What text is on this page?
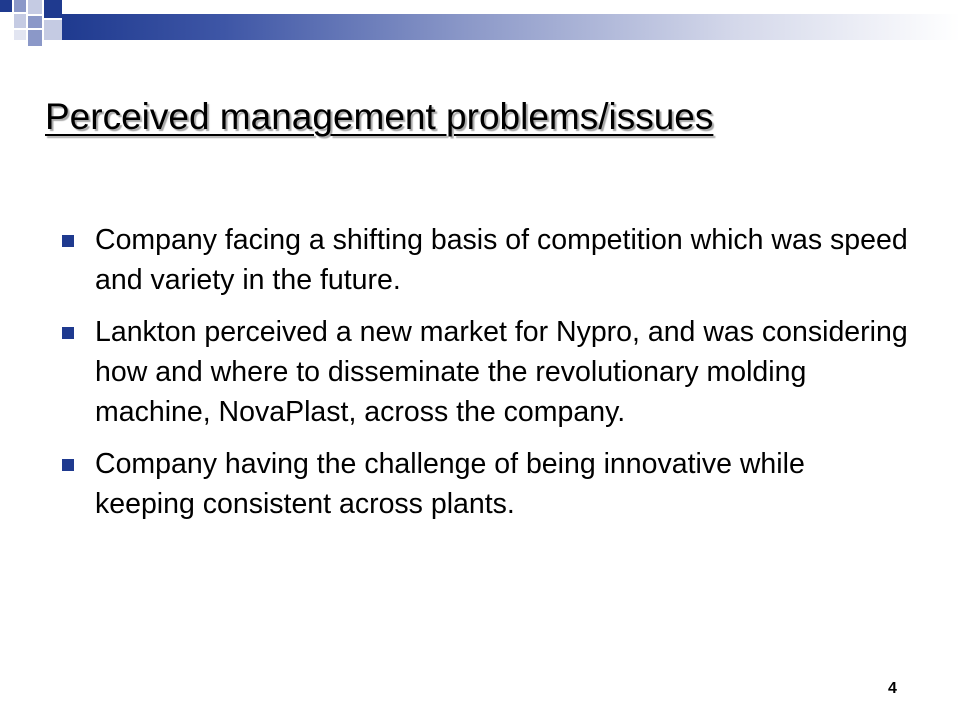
Perceived management problems/issues
Company facing a shifting basis of competition which was speed and variety in the future.
Lankton perceived a new market for Nypro, and was considering how and where to disseminate the revolutionary molding machine, NovaPlast, across the company.
Company having the challenge of being innovative while keeping consistent across plants.
4
